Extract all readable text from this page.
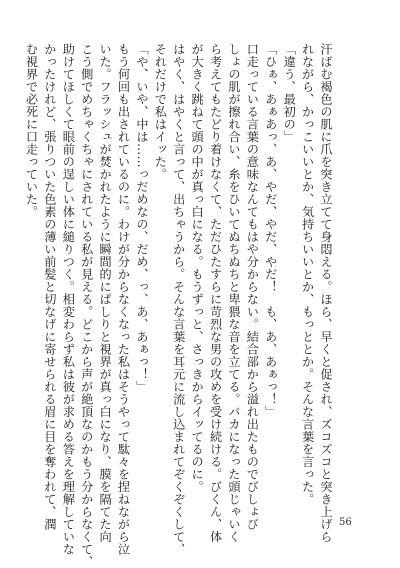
汗ばむ褐色の肌に爪を突き立てて身悶える。ほら、早くと促され、ズコズコと突き上げら

れながら、かっこいいとか、気持ちいいとか、もっととか。そんな言葉を言った。

「違う、最初の」

「ひぁ、あぁあっ、あ、やだ、やだ、やだ！　も、あ、あぁっ！」

口走っている言葉の意味なんてもはや分からない。結合部から溢れ出たものでびしょび

しょの肌が擦れ合い、糸をひいてぬちぬちと卑猥な音を立てる。バカになった頭じゃいく

ら考えてもたどり着けなくて、ただひたすらに苛烈な男の攻めを受け続ける。びくん、体

が大きく跳ねて頭の中が真っ白になる。もうずっと、さっきからイッてるのに。

はやく、はやくと言って、出ちゃうから。そんな言葉を耳元に流し込まれてぞくぞくして、

それだけで私はイッた。

「や、いや、中は……っだめなの、だめ、っ、あ、あぁっ！」

もう何回も出されているのに。わけが分からなくなった私はそうやって駄々を捏ねながら泣

いた。フラッシュが焚かれたように瞬間的にぱしりと視界が真っ白になり、膜を隔てた向

こう側でめちゃくちゃにされている私が見える。どこから声が絶頂なのかもう分からなくて、

助けてほしくて眼前の逞しい体に縋りつく。相変わらず私は彼が求める答えを理解していな

かったけれど、張りついた色素の薄い前髪と切なげに寄せられる眉に目を奪われて、潤

む視界で必死に口走っていた。

56
